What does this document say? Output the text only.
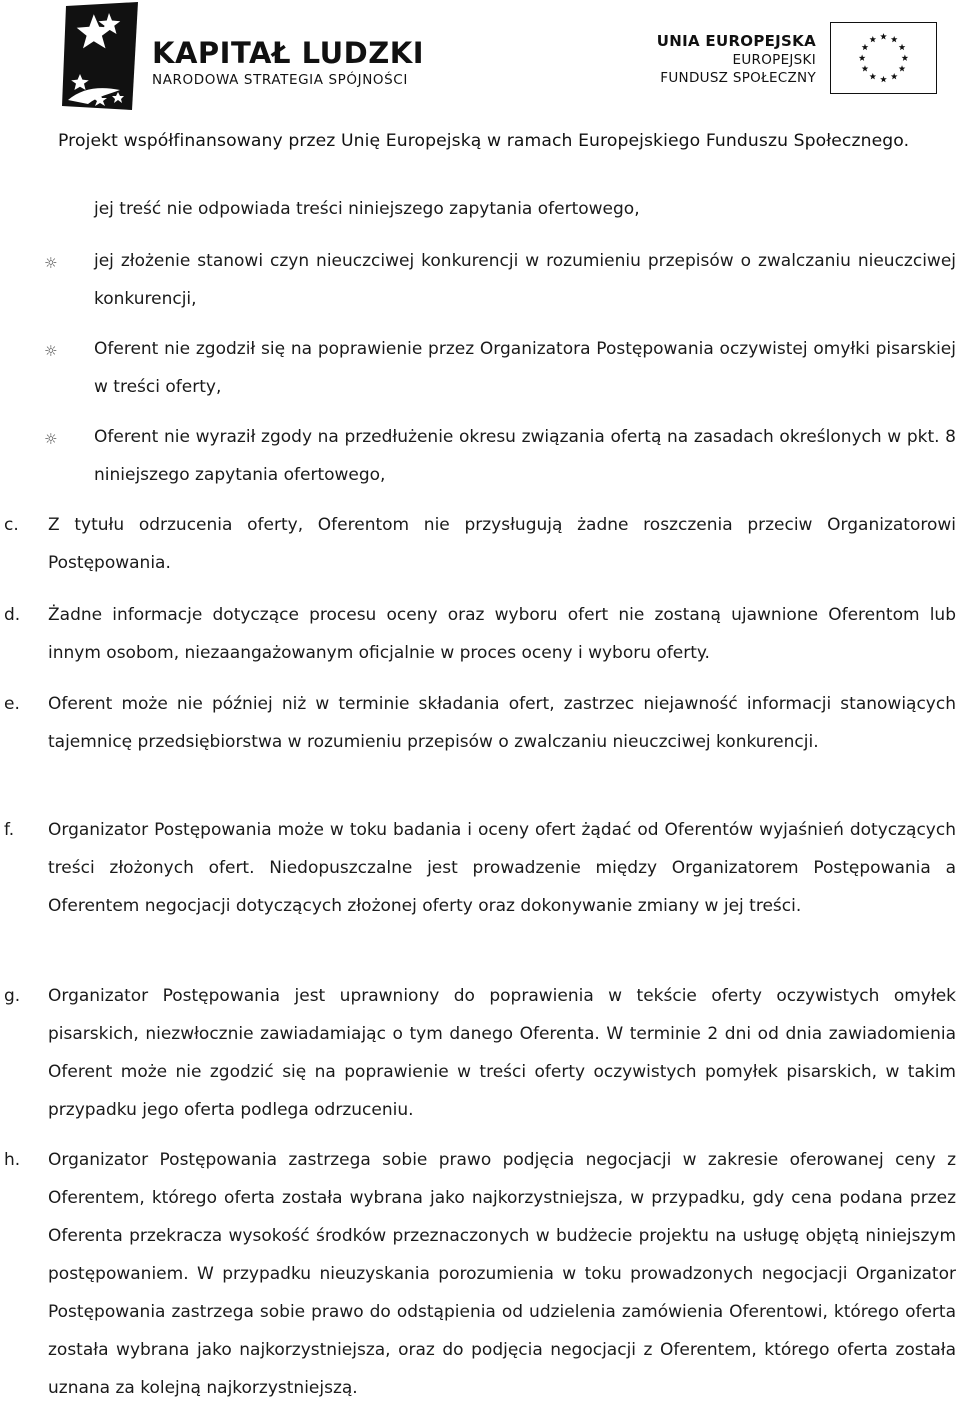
KAPITAŁ LUDZKI
NARODOWA STRATEGIA SPÓJNOŚCI
UNIA EUROPEJSKA
EUROPEJSKI
FUNDUSZ SPOŁECZNY
Projekt współfinansowany przez Unię Europejską w ramach Europejskiego Funduszu Społecznego.
jej treść nie odpowiada treści niniejszego zapytania ofertowego,
☼	jej złożenie stanowi czyn nieuczciwej konkurencji w rozumieniu przepisów o zwalczaniu nieuczciwej konkurencji,
☼	Oferent nie zgodził się na poprawienie przez Organizatora Postępowania oczywistej omyłki pisarskiej w treści oferty,
☼	Oferent nie wyraził zgody na przedłużenie okresu związania ofertą na zasadach określonych w pkt. 8 niniejszego zapytania ofertowego,
c. Z tytułu odrzucenia oferty, Oferentom nie przysługują żadne roszczenia przeciw Organizatorowi Postępowania.
d. Żadne informacje dotyczące procesu oceny oraz wyboru ofert nie zostaną ujawnione Oferentom lub innym osobom, niezaangażowanym oficjalnie w proces oceny i wyboru oferty.
e. Oferent może nie później niż w terminie składania ofert, zastrzec niejawność informacji stanowiących tajemnicę przedsiębiorstwa w rozumieniu przepisów o zwalczaniu nieuczciwej konkurencji.
f. Organizator Postępowania może w toku badania i oceny ofert żądać od Oferentów wyjaśnień dotyczących treści złożonych ofert. Niedopuszczalne jest prowadzenie między Organizatorem Postępowania a Oferentem negocjacji dotyczących złożonej oferty oraz dokonywanie zmiany w jej treści.
g. Organizator Postępowania jest uprawniony do poprawienia w tekście oferty oczywistych omyłek pisarskich, niezwłocznie zawiadamiając o tym danego Oferenta. W terminie 2 dni od dnia zawiadomienia Oferent może nie zgodzić się na poprawienie w treści oferty oczywistych pomyłek pisarskich, w takim przypadku jego oferta podlega odrzuceniu.
h. Organizator Postępowania zastrzega sobie prawo podjęcia negocjacji w zakresie oferowanej ceny z Oferentem, którego oferta została wybrana jako najkorzystniejsza, w przypadku, gdy cena podana przez Oferenta przekracza wysokość środków przeznaczonych w budżecie projektu na usługę objętą niniejszym postępowaniem. W przypadku nieuzyskania porozumienia w toku prowadzonych negocjacji Organizator Postępowania zastrzega sobie prawo do odstąpienia od udzielenia zamówienia Oferentowi, którego oferta została wybrana jako najkorzystniejsza, oraz do podjęcia negocjacji z Oferentem, którego oferta została uznana za kolejną najkorzystniejszą.
